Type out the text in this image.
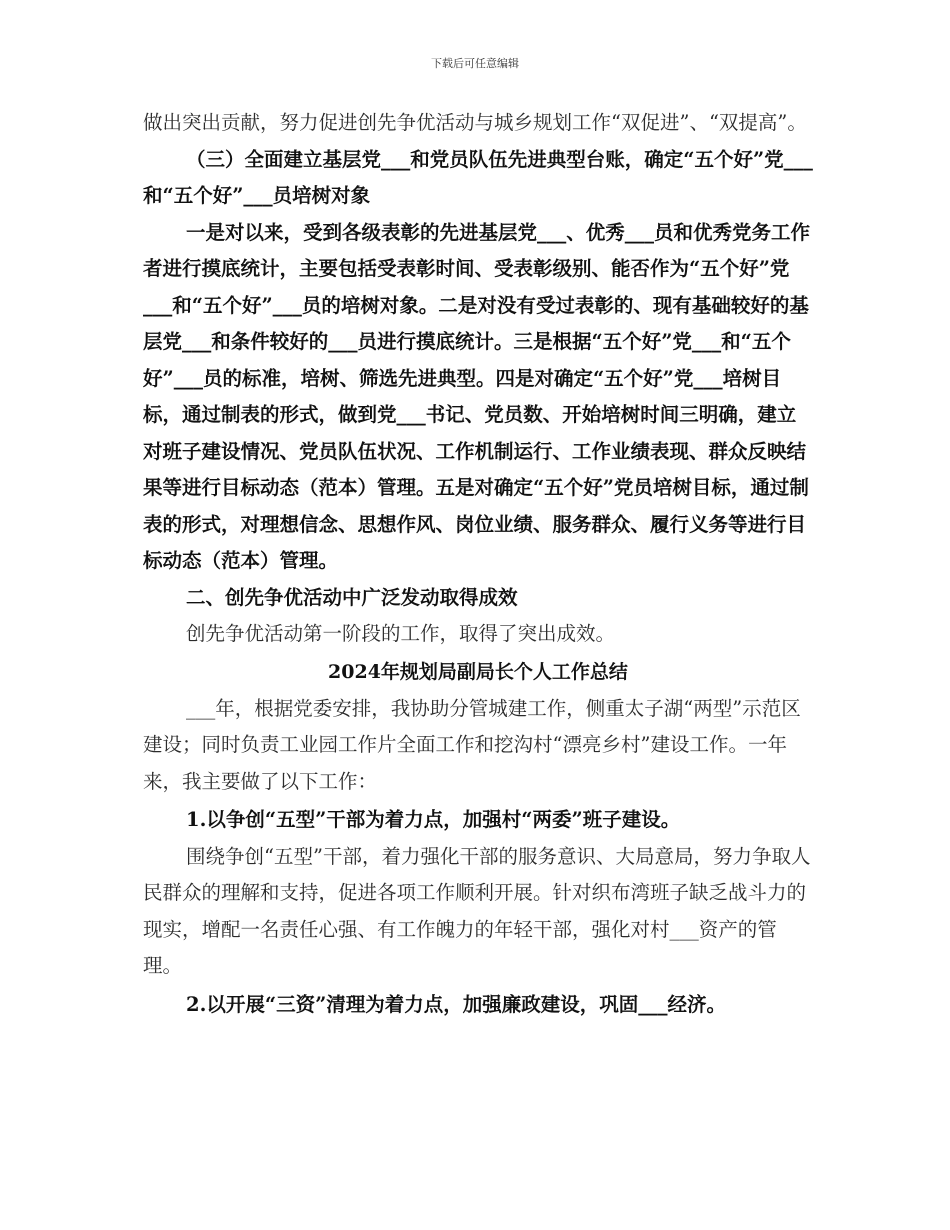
下载后可任意编辑

做出突出贡献，努力促进创先争优活动与城乡规划工作“双促进”、“双提高”。

（三）全面建立基层党___和党员队伍先进典型台账，确定“五个好”党___和“五个好”___员培树对象

一是对以来，受到各级表彰的先进基层党___、优秀___员和优秀党务工作者进行摸底统计，主要包括受表彰时间、受表彰级别、能否作为“五个好”党___和“五个好”___员的培树对象。二是对没有受过表彰的、现有基础较好的基层党___和条件较好的___员进行摸底统计。三是根据“五个好”党___和“五个好”___员的标准，培树、筛选先进典型。四是对确定“五个好”党___培树目标，通过制表的形式，做到党___书记、党员数、开始培树时间三明确，建立对班子建设情况、党员队伍状况、工作机制运行、工作业绩表现、群众反映结果等进行目标动态（范本）管理。五是对确定“五个好”党员培树目标，通过制表的形式，对理想信念、思想作风、岗位业绩、服务群众、履行义务等进行目标动态（范本）管理。

二、创先争优活动中广泛发动取得成效

创先争优活动第一阶段的工作，取得了突出成效。

2024年规划局副局长个人工作总结

___年，根据党委安排，我协助分管城建工作，侧重太子湖“两型”示范区建设；同时负责工业园工作片全面工作和挖沟村“漂亮乡村”建设工作。一年来，我主要做了以下工作：

1.以争创“五型”干部为着力点，加强村“两委”班子建设。

围绕争创“五型”干部，着力强化干部的服务意识、大局意局，努力争取人民群众的理解和支持，促进各项工作顺利开展。针对织布湾班子缺乏战斗力的现实，增配一名责任心强、有工作魄力的年轻干部，强化对村___资产的管理。

2.以开展“三资”清理为着力点，加强廉政建设，巩固___经济。
